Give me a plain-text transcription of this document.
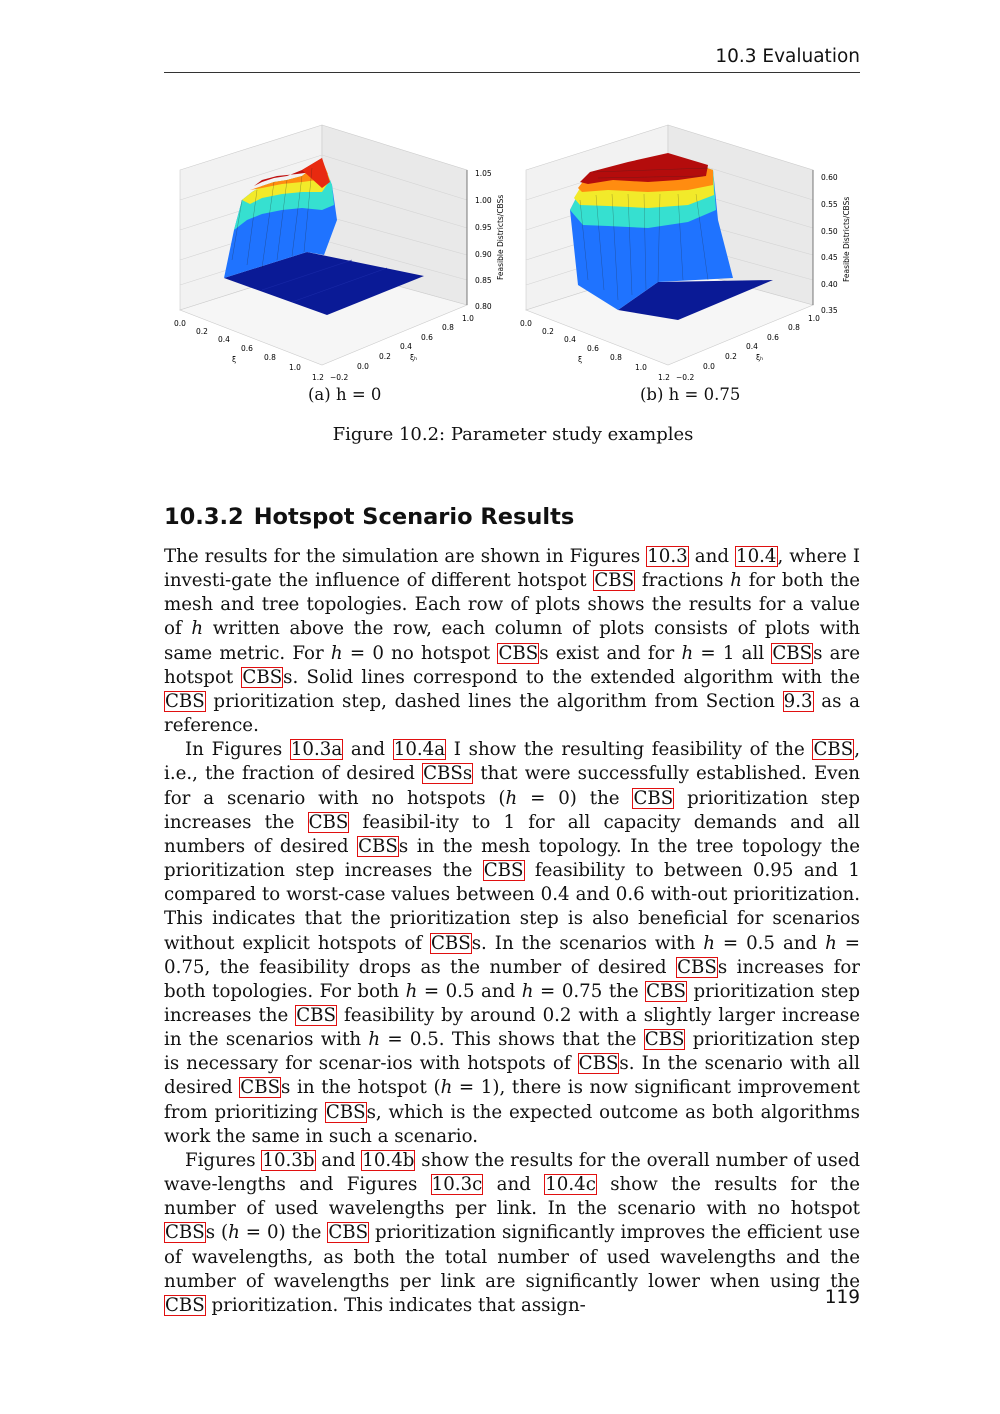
10.3 Evaluation
1.05
1.00
0.95
0.90
0.85
0.80
Feasible Districts/CBSs
0.0
0.2
0.4
0.6
0.8
1.0
1.2
ξ
−0.2
0.0
0.2
0.4
0.6
0.8
1.0
ξₕ
0.60
0.55
0.50
0.45
0.40
0.35
Feasible Districts/CBSs
0.0
0.2
0.4
0.6
0.8
1.0
1.2
ξ
−0.2
0.0
0.2
0.4
0.6
0.8
1.0
ξₕ
(a) h = 0	(b) h = 0.75
Figure 10.2: Parameter study examples
10.3.2 Hotspot Scenario Results

The results for the simulation are shown in Figures 10.3 and 10.4, where I investi-gate the influence of different hotspot CBS fractions h for both the mesh and tree topologies. Each row of plots shows the results for a value of h written above the row, each column of plots consists of plots with same metric. For h = 0 no hotspot CBSs exist and for h = 1 all CBSs are hotspot CBSs. Solid lines correspond to the extended algorithm with the CBS prioritization step, dashed lines the algorithm from Section 9.3 as a reference.

In Figures 10.3a and 10.4a I show the resulting feasibility of the CBS, i.e., the fraction of desired CBSs that were successfully established. Even for a scenario with no hotspots (h = 0) the CBS prioritization step increases the CBS feasibil-ity to 1 for all capacity demands and all numbers of desired CBSs in the mesh topology. In the tree topology the prioritization step increases the CBS feasibility to between 0.95 and 1 compared to worst-case values between 0.4 and 0.6 with-out prioritization. This indicates that the prioritization step is also beneficial for scenarios without explicit hotspots of CBSs. In the scenarios with h = 0.5 and h = 0.75, the feasibility drops as the number of desired CBSs increases for both topologies. For both h = 0.5 and h = 0.75 the CBS prioritization step increases the CBS feasibility by around 0.2 with a slightly larger increase in the scenarios with h = 0.5. This shows that the CBS prioritization step is necessary for scenar-ios with hotspots of CBSs. In the scenario with all desired CBSs in the hotspot (h = 1), there is now significant improvement from prioritizing CBSs, which is the expected outcome as both algorithms work the same in such a scenario.

Figures 10.3b and 10.4b show the results for the overall number of used wave-lengths and Figures 10.3c and 10.4c show the results for the number of used wavelengths per link. In the scenario with no hotspot CBSs (h = 0) the CBS prioritization significantly improves the efficient use of wavelengths, as both the total number of used wavelengths and the number of wavelengths per link are significantly lower when using the CBS prioritization. This indicates that assign-	119
